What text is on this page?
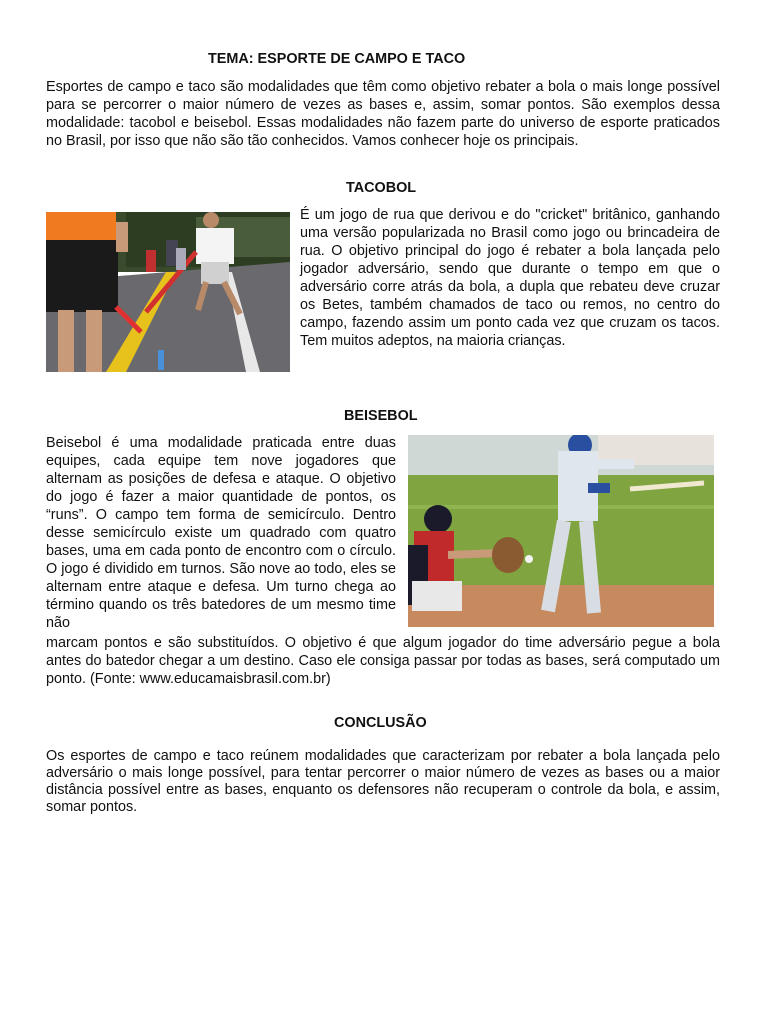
TEMA: ESPORTE DE CAMPO E TACO

Esportes de campo e taco são modalidades que têm como objetivo rebater a bola o mais longe possível para se percorrer o maior número de vezes as bases e, assim, somar pontos. São exemplos dessa modalidade: tacobol e beisebol. Essas modalidades não fazem parte do universo de esporte praticados no Brasil, por isso que não são tão conhecidos. Vamos conhecer hoje os principais.

TACOBOL

É um jogo de rua que derivou e do "cricket" britânico, ganhando uma versão popularizada no Brasil como jogo ou brincadeira de rua. O objetivo principal do jogo é rebater a bola lançada pelo jogador adversário, sendo que durante o tempo em que o adversário corre atrás da bola, a dupla que rebateu deve cruzar os Betes, também chamados de taco ou remos, no centro do campo, fazendo assim um ponto cada vez que cruzam os tacos. Tem muitos adeptos, na maioria crianças.

BEISEBOL

Beisebol é uma modalidade praticada entre duas equipes, cada equipe tem nove jogadores que alternam as posições de defesa e ataque. O objetivo do jogo é fazer a maior quantidade de pontos, os “runs”. O campo tem forma de semicírculo. Dentro desse semicírculo existe um quadrado com quatro bases, uma em cada ponto de encontro com o círculo. O jogo é dividido em turnos. São nove ao todo, eles se alternam entre ataque e defesa. Um turno chega ao término quando os três batedores de um mesmo time não

marcam pontos e são substituídos. O objetivo é que algum jogador do time adversário pegue a bola antes do batedor chegar a um destino. Caso ele consiga passar por todas as bases, será computado um ponto. (Fonte: www.educamaisbrasil.com.br)

CONCLUSÃO

Os esportes de campo e taco reúnem modalidades que caracterizam por rebater a bola lançada pelo adversário o mais longe possível, para tentar percorrer o maior número de vezes as bases ou a maior distância possível entre as bases, enquanto os defensores não recuperam o controle da bola, e assim, somar pontos.
